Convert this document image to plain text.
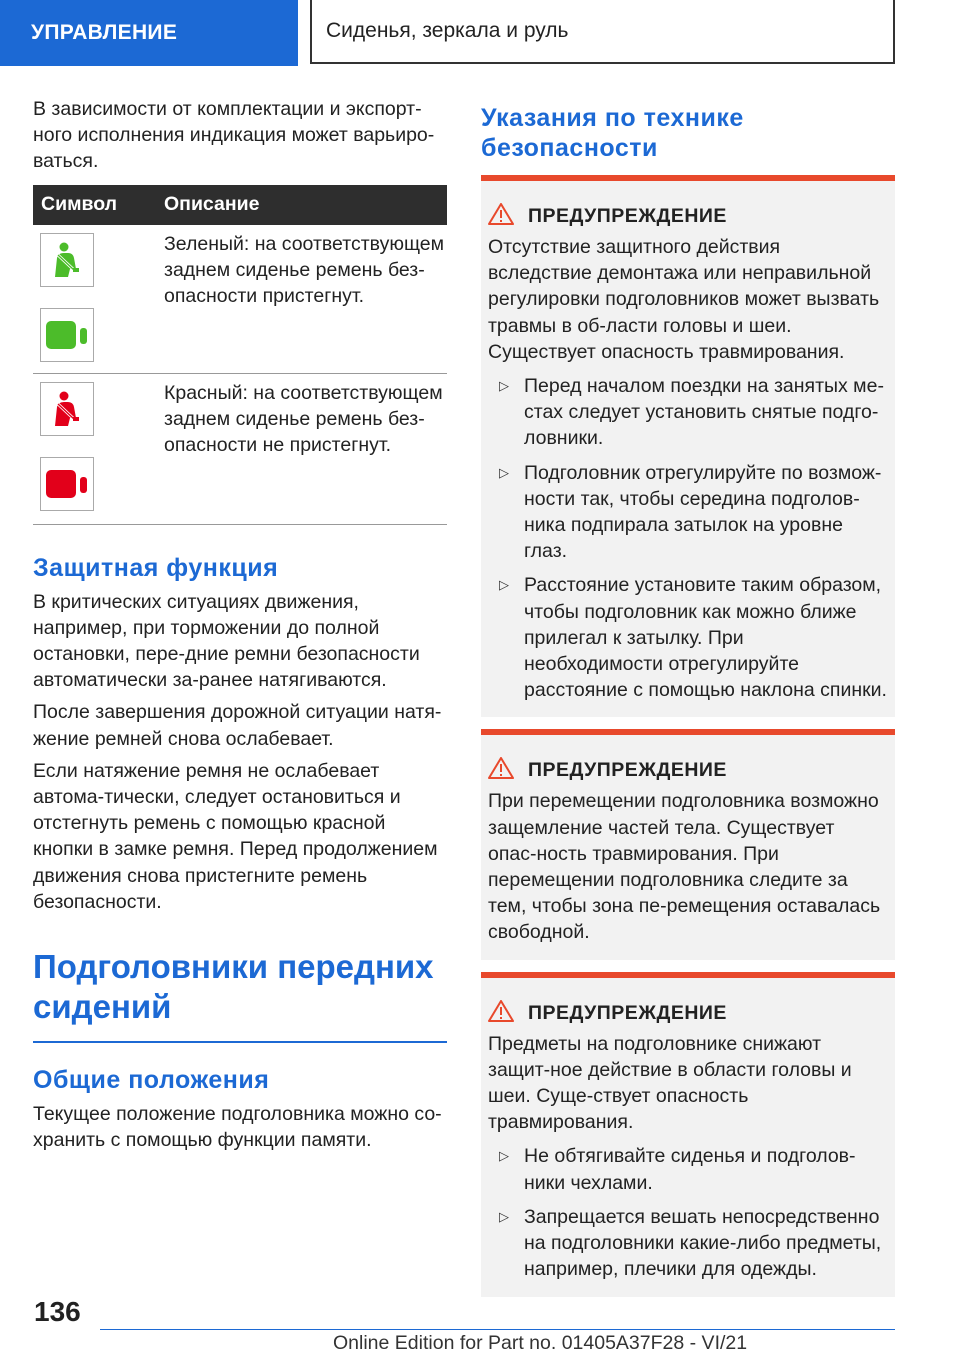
УПРАВЛЕНИЕ	Сиденья, зеркала и руль

В зависимости от комплектации и экспорт-ного исполнения индикация может варьиро-ваться.

Символ	Описание

Зеленый: на соответствующем заднем сиденье ремень без-опасности пристегнут.

Красный: на соответствующем заднем сиденье ремень без-опасности не пристегнут.

Защитная функция

В критических ситуациях движения, например, при торможении до полной остановки, пере-дние ремни безопасности автоматически за-ранее натягиваются.

После завершения дорожной ситуации натя-жение ремней снова ослабевает.

Если натяжение ремня не ослабевает автома-тически, следует остановиться и отстегнуть ремень с помощью красной кнопки в замке ремня. Перед продолжением движения снова пристегните ремень безопасности.

Подголовники передних сидений
Общие положения

Текущее положение подголовника можно со-хранить с помощью функции памяти.

Указания по технике безопасности
ПРЕДУПРЕЖДЕНИЕ

Отсутствие защитного действия вследствие демонтажа или неправильной регулировки подголовников может вызвать травмы в об-ласти головы и шеи. Существует опасность травмирования.

▷ Перед началом поездки на занятых ме-стах следует установить снятые подго-ловники.

▷ Подголовник отрегулируйте по возмож-ности так, чтобы середина подголов-ника подпирала затылок на уровне глаз.

▷ Расстояние установите таким образом, чтобы подголовник как можно ближе прилегал к затылку. При необходимости отрегулируйте расстояние с помощью наклона спинки.

ПРЕДУПРЕЖДЕНИЕ

При перемещении подголовника возможно защемление частей тела. Существует опас-ность травмирования. При перемещении подголовника следите за тем, чтобы зона пе-ремещения оставалась свободной.

ПРЕДУПРЕЖДЕНИЕ

Предметы на подголовнике снижают защит-ное действие в области головы и шеи. Суще-ствует опасность травмирования.

▷ Не обтягивайте сиденья и подголов-ники чехлами.

▷ Запрещается вешать непосредственно на подголовники какие-либо предметы, например, плечики для одежды.

136
Online Edition for Part no. 01405A37F28 - VI/21
